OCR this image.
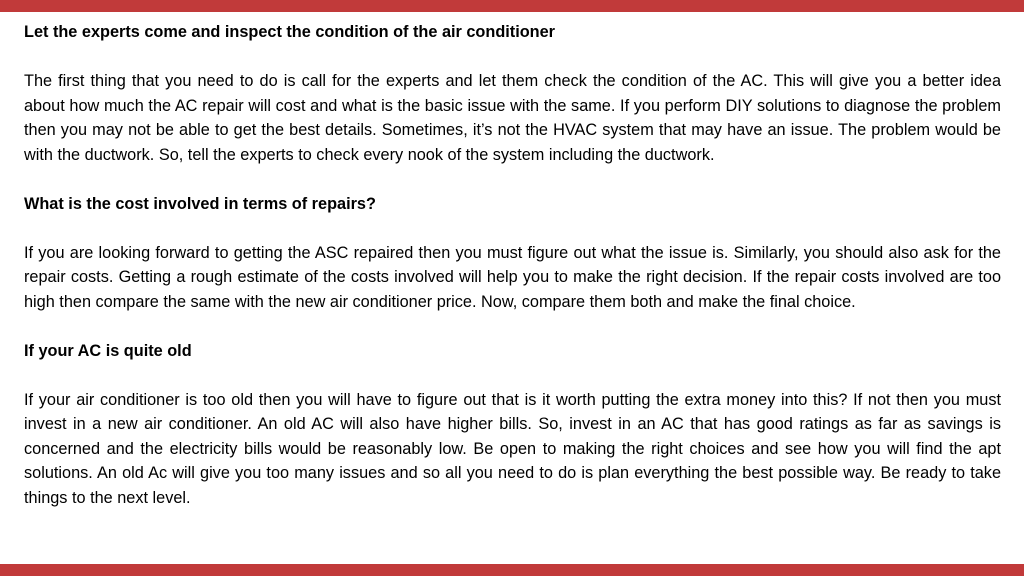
Let the experts come and inspect the condition of the air conditioner

The first thing that you need to do is call for the experts and let them check the condition of the AC. This will give you a better idea about how much the AC repair will cost and what is the basic issue with the same. If you perform DIY solutions to diagnose the problem then you may not be able to get the best details. Sometimes, it’s not the HVAC system that may have an issue. The problem would be with the ductwork. So, tell the experts to check every nook of the system including the ductwork.

What is the cost involved in terms of repairs?

If you are looking forward to getting the ASC repaired then you must figure out what the issue is. Similarly, you should also ask for the repair costs. Getting a rough estimate of the costs involved will help you to make the right decision. If the repair costs involved are too high then compare the same with the new air conditioner price. Now, compare them both and make the final choice.

If your AC is quite old

If your air conditioner is too old then you will have to figure out that is it worth putting the extra money into this? If not then you must invest in a new air conditioner. An old AC will also have higher bills. So, invest in an AC that has good ratings as far as savings is concerned and the electricity bills would be reasonably low. Be open to making the right choices and see how you will find the apt solutions. An old Ac will give you too many issues and so all you need to do is plan everything the best possible way. Be ready to take things to the next level.
